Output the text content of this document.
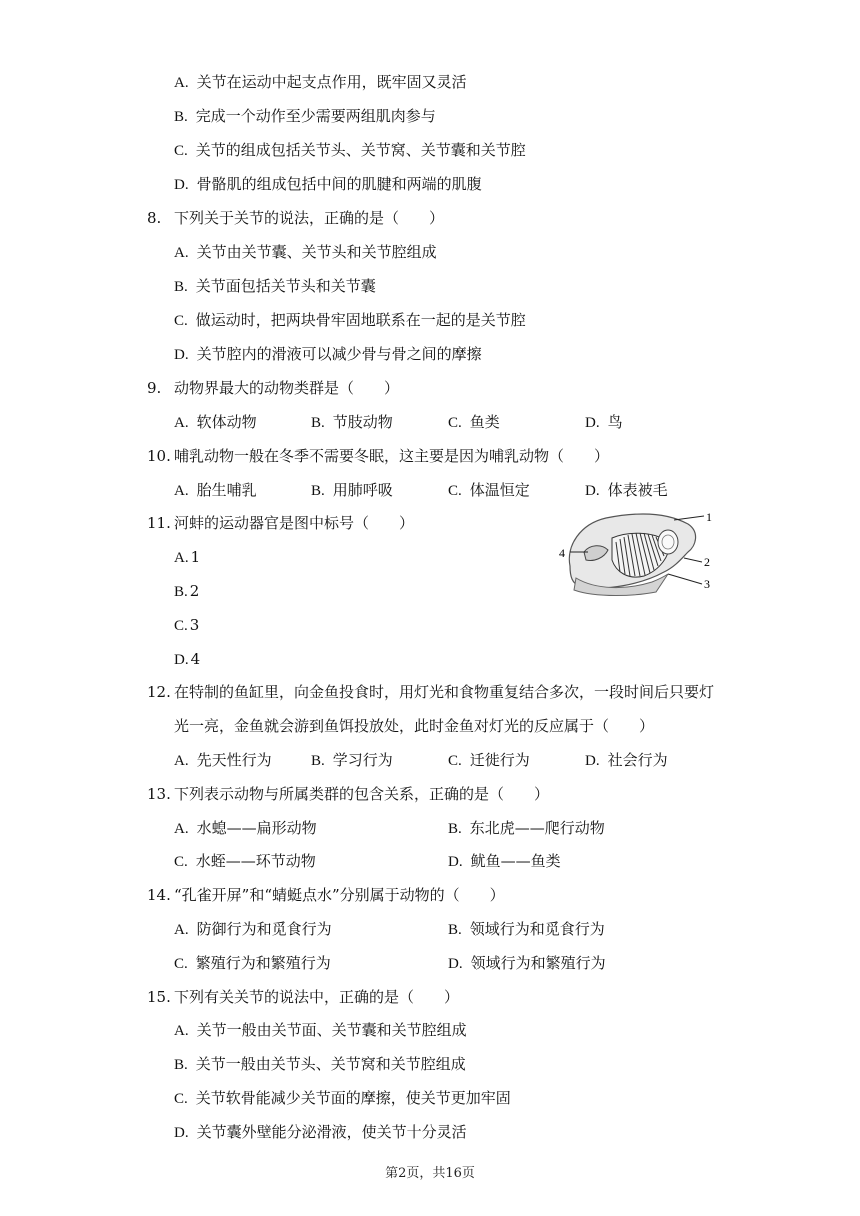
A. 关节在运动中起支点作用，既牢固又灵活
B. 完成一个动作至少需要两组肌肉参与
C. 关节的组成包括关节头、关节窝、关节囊和关节腔
D. 骨骼肌的组成包括中间的肌腱和两端的肌腹
8. 下列关于关节的说法，正确的是（　　）
A. 关节由关节囊、关节头和关节腔组成
B. 关节面包括关节头和关节囊
C. 做运动时，把两块骨牢固地联系在一起的是关节腔
D. 关节腔内的滑液可以减少骨与骨之间的摩擦
9. 动物界最大的动物类群是（　　）
A. 软体动物	B. 节肢动物	C. 鱼类	D. 鸟
10. 哺乳动物一般在冬季不需要冬眠，这主要是因为哺乳动物（　　）
A. 胎生哺乳	B. 用肺呼吸	C. 体温恒定	D. 体表被毛
11. 河蚌的运动器官是图中标号（　　）
A. 1
B. 2
C. 3
D. 4
1
2
3
4
12. 在特制的鱼缸里，向金鱼投食时，用灯光和食物重复结合多次，一段时间后只要灯
光一亮，金鱼就会游到鱼饵投放处，此时金鱼对灯光的反应属于（　　）
A. 先天性行为	B. 学习行为	C. 迁徙行为	D. 社会行为
13. 下列表示动物与所属类群的包含关系，正确的是（　　）
A. 水螅——扁形动物	B. 东北虎——爬行动物
C. 水蛭——环节动物	D. 鱿鱼——鱼类
14. “孔雀开屏”和“蜻蜓点水”分别属于动物的（　　）
A. 防御行为和觅食行为	B. 领域行为和觅食行为
C. 繁殖行为和繁殖行为	D. 领域行为和繁殖行为
15. 下列有关关节的说法中，正确的是（　　）
A. 关节一般由关节面、关节囊和关节腔组成
B. 关节一般由关节头、关节窝和关节腔组成
C. 关节软骨能减少关节面的摩擦，使关节更加牢固
D. 关节囊外壁能分泌滑液，使关节十分灵活
第2页，共16页
